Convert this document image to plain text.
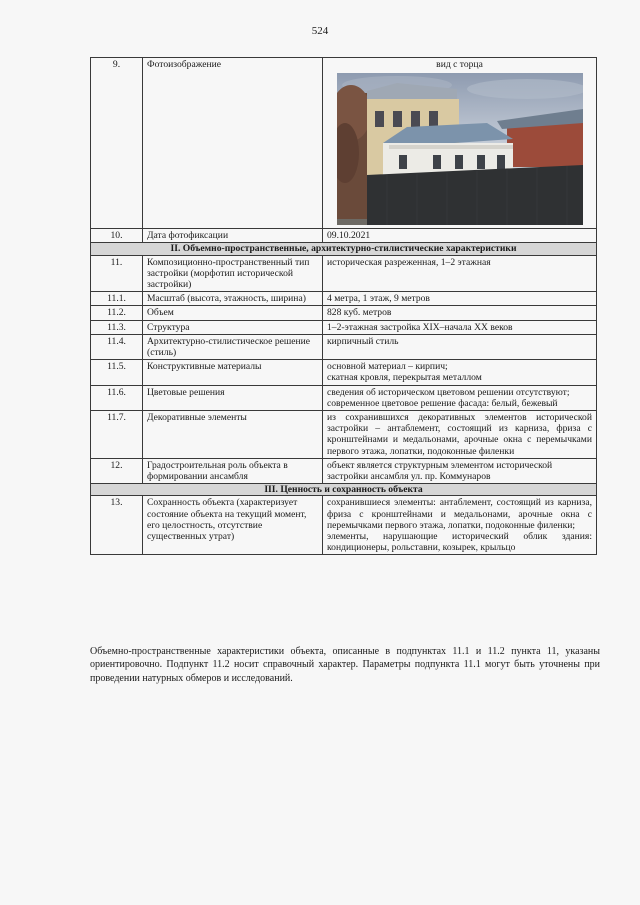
524
9.	Фотоизображение	вид с торца

10.	Дата фотофиксации	09.10.2021
II. Объемно-пространственные, архитектурно-стилистические характеристики		
11.	Композиционно-пространственный тип застройки (морфотип исторической застройки)	историческая разреженная, 1–2 этажная
11.1.	Масштаб (высота, этажность, ширина)	4 метра, 1 этаж, 9 метров
11.2.	Объем	828 куб. метров
11.3.	Структура	1–2-этажная застройка XIX–начала XX веков
11.4.	Архитектурно-стилистическое решение (стиль)	кирпичный стиль
11.5.	Конструктивные материалы	основной материал – кирпич;
скатная кровля, перекрытая металлом

11.6.	Цветовые решения	сведения об историческом цветовом решении отсутствуют;
современное цветовое решение фасада: белый, бежевый

11.7.	Декоративные элементы	из сохранившихся декоративных элементов исторической застройки – антаблемент, состоящий из карниза, фриза с кронштейнами и медальонами, арочные окна с перемычками первого этажа, лопатки, подоконные филенки
12.	Градостроительная роль объекта в формировании ансамбля	объект является структурным элементом исторической застройки ансамбля ул. пр. Коммунаров
III. Ценность и сохранность объекта		
13.	Сохранность объекта (характеризует состояние объекта на текущий момент, его целостность, отсутствие существенных утрат)	сохранившиеся элементы: антаблемент, состоящий из карниза, фриза с кронштейнами и медальонами, арочные окна с перемычками первого этажа, лопатки, подоконные филенки;
элементы, нарушающие исторический облик здания: кондиционеры, рольставни, козырек, крыльцо
Объемно-пространственные характеристики объекта, описанные в подпунктах 11.1 и 11.2 пункта 11, указаны ориентировочно. Подпункт 11.2 носит справочный характер. Параметры подпункта 11.1 могут быть уточнены при проведении натурных обмеров и исследований.
